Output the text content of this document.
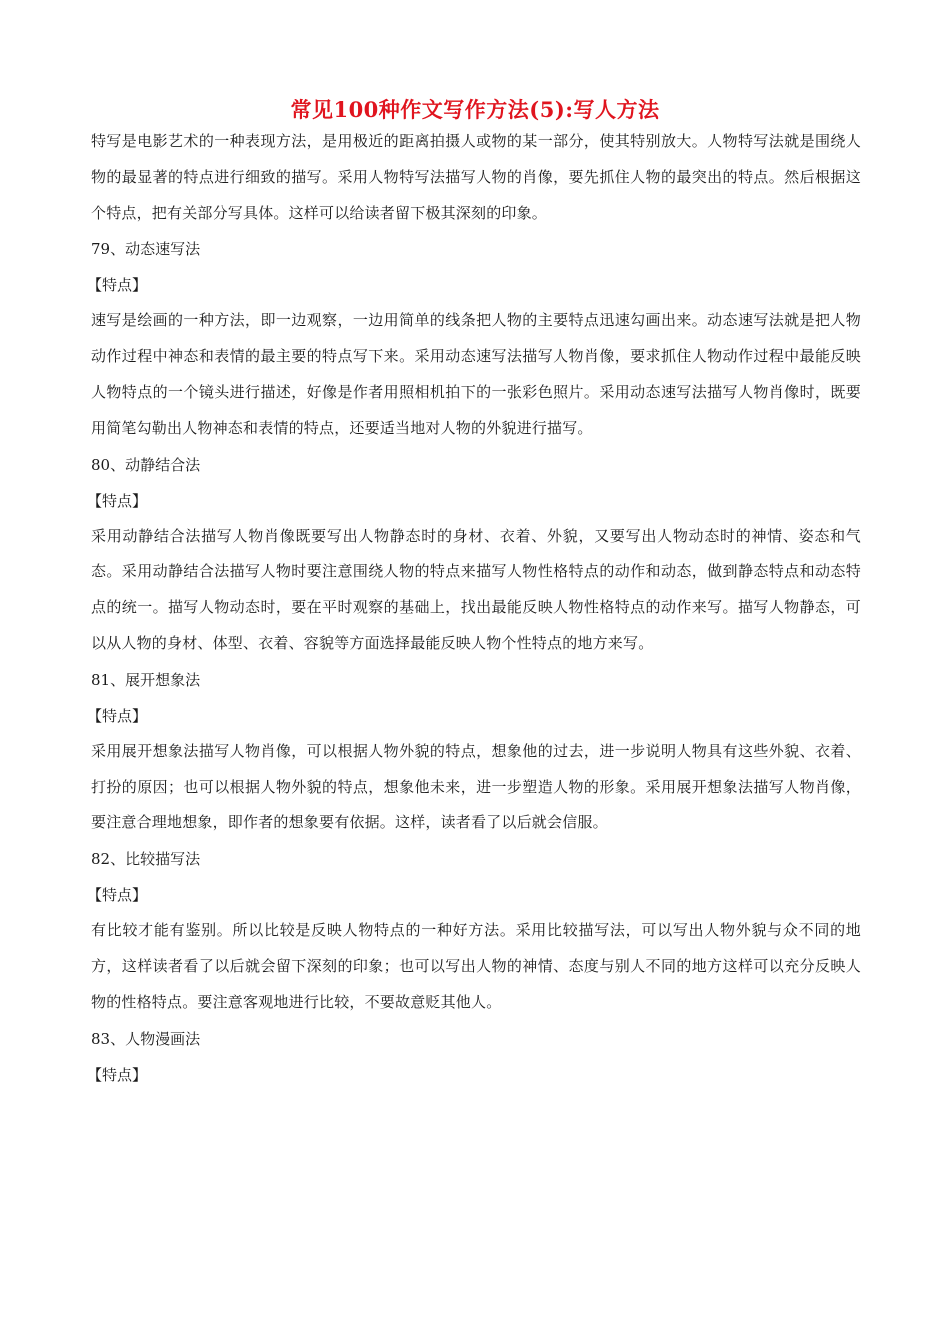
常见100种作文写作方法(5):写人方法

特写是电影艺术的一种表现方法，是用极近的距离拍摄人或物的某一部分，使其特别放大。人物特写法就是围绕人物的最显著的特点进行细致的描写。采用人物特写法描写人物的肖像，要先抓住人物的最突出的特点。然后根据这个特点，把有关部分写具体。这样可以给读者留下极其深刻的印象。

79、动态速写法

【特点】

速写是绘画的一种方法，即一边观察，一边用简单的线条把人物的主要特点迅速勾画出来。动态速写法就是把人物动作过程中神态和表情的最主要的特点写下来。采用动态速写法描写人物肖像，要求抓住人物动作过程中最能反映人物特点的一个镜头进行描述，好像是作者用照相机拍下的一张彩色照片。采用动态速写法描写人物肖像时，既要用简笔勾勒出人物神态和表情的特点，还要适当地对人物的外貌进行描写。

80、动静结合法

【特点】

采用动静结合法描写人物肖像既要写出人物静态时的身材、衣着、外貌，又要写出人物动态时的神情、姿态和气态。采用动静结合法描写人物时要注意围绕人物的特点来描写人物性格特点的动作和动态，做到静态特点和动态特点的统一。描写人物动态时，要在平时观察的基础上，找出最能反映人物性格特点的动作来写。描写人物静态，可以从人物的身材、体型、衣着、容貌等方面选择最能反映人物个性特点的地方来写。

81、展开想象法

【特点】

采用展开想象法描写人物肖像，可以根据人物外貌的特点，想象他的过去，进一步说明人物具有这些外貌、衣着、打扮的原因；也可以根据人物外貌的特点，想象他未来，进一步塑造人物的形象。采用展开想象法描写人物肖像，要注意合理地想象，即作者的想象要有依据。这样，读者看了以后就会信服。

82、比较描写法

【特点】

有比较才能有鉴别。所以比较是反映人物特点的一种好方法。采用比较描写法，可以写出人物外貌与众不同的地方，这样读者看了以后就会留下深刻的印象；也可以写出人物的神情、态度与别人不同的地方这样可以充分反映人物的性格特点。要注意客观地进行比较，不要故意贬其他人。

83、人物漫画法

【特点】
